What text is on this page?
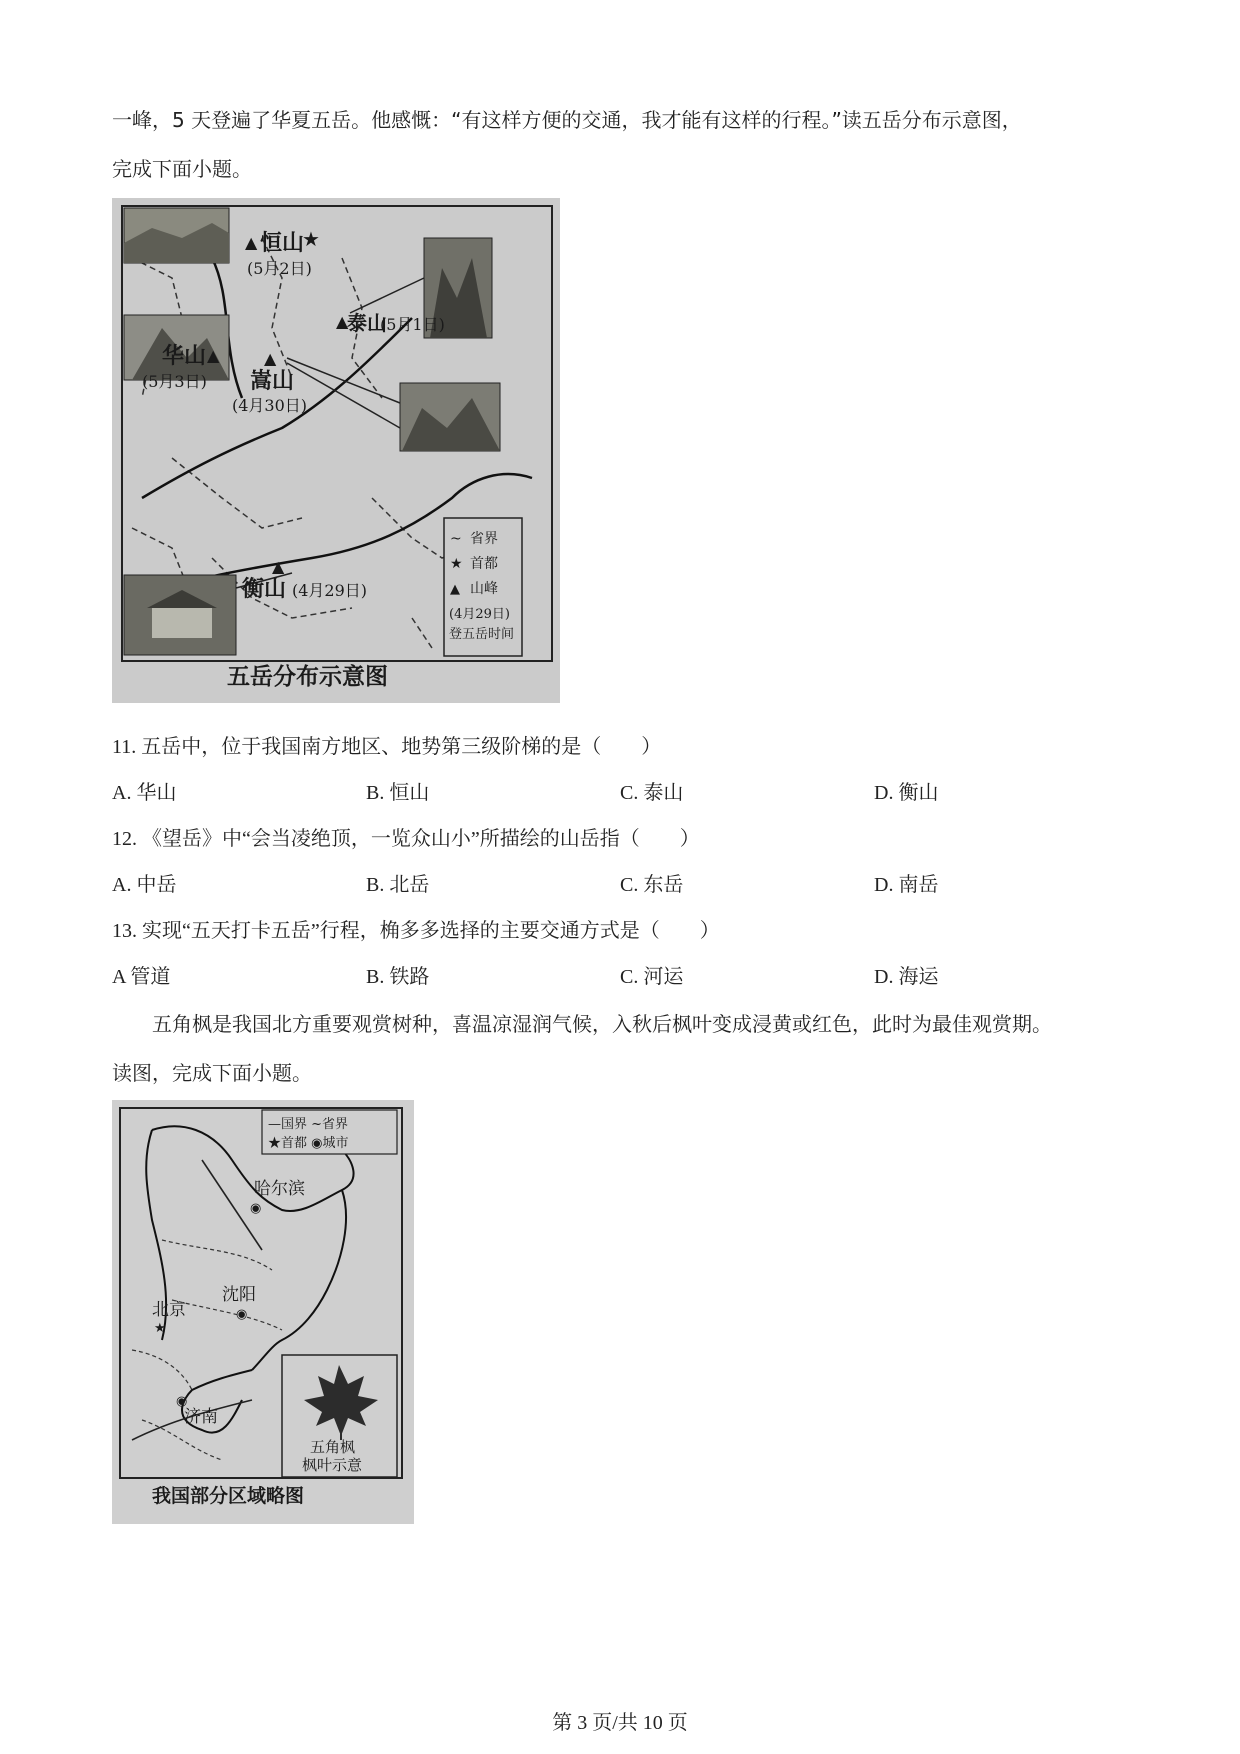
一峰，5 天登遍了华夏五岳。他感慨：“有这样方便的交通，我才能有这样的行程。”读五岳分布示意图，
完成下面小题。
★
▲
▲
▲	▲
▲
恒山
(5月2日)
泰山
(5月1日)
华山
(5月3日) 嵩山
(4月30日)
衡山 (4月29日)
~ 省界
★ 首都
▲ 山峰
(4月29日)
登五岳时间
五岳分布示意图
11. 五岳中，位于我国南方地区、地势第三级阶梯的是（　　）
A. 华山	B. 恒山	C. 泰山	D. 衡山
12. 《望岳》中“会当凌绝顶，一览众山小”所描绘的山岳指（　　）
A. 中岳	B. 北岳	C. 东岳	D. 南岳
13. 实现“五天打卡五岳”行程，桷多多选择的主要交通方式是（　　）
A 管道	B. 铁路	C. 河运	D. 海运
五角枫是我国北方重要观赏树种，喜温凉湿润气候，入秋后枫叶变成浸黄或红色，此时为最佳观赏期。
读图，完成下面小题。
—国界 ~省界
★首都 ◉城市
◉
哈尔滨
◉
沈阳
★
北京
◉
济南
五角枫
枫叶示意
我国部分区域略图
第 3 页/共 10 页
